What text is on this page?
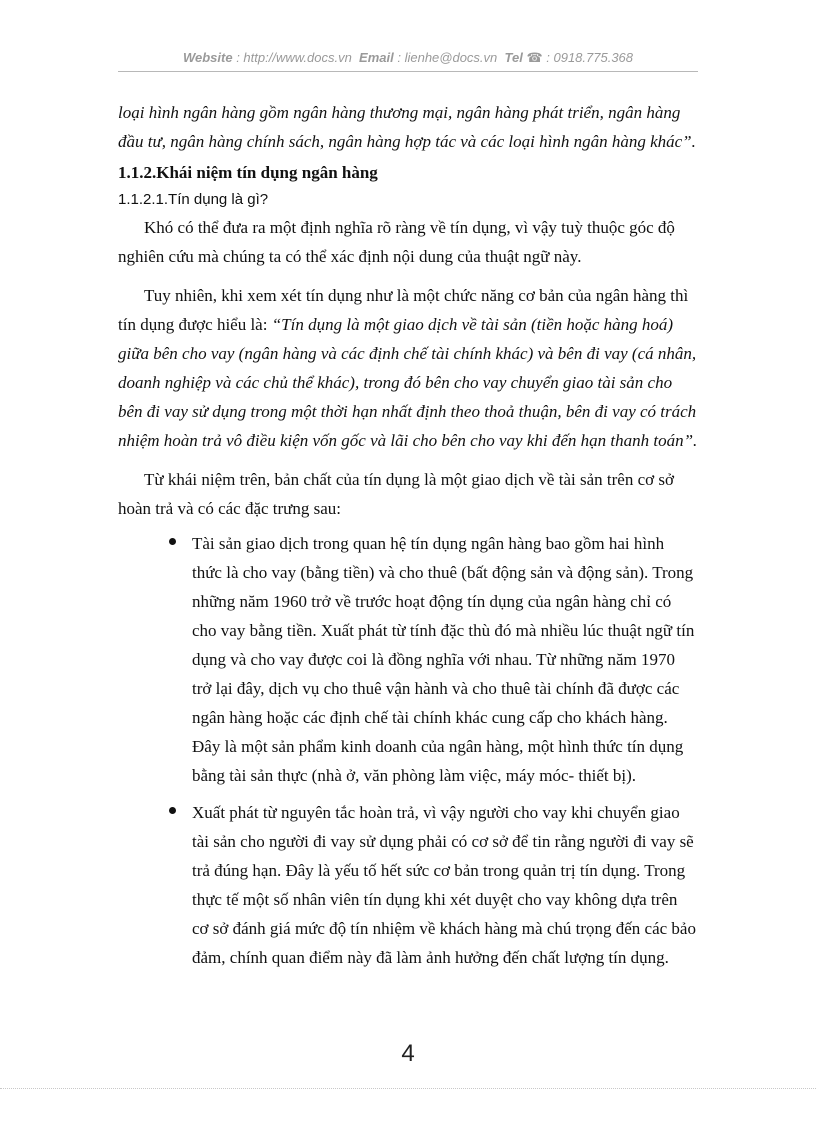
Website : http://www.docs.vn Email : lienhe@docs.vn Tel ☎ : 0918.775.368

loại hình ngân hàng gồm ngân hàng thương mại, ngân hàng phát triển, ngân hàng đầu tư, ngân hàng chính sách, ngân hàng hợp tác và các loại hình ngân hàng khác”.

1.1.2.Khái niệm tín dụng ngân hàng

1.1.2.1.Tín dụng là gì?

Khó có thể đưa ra một định nghĩa rõ ràng về tín dụng, vì vậy tuỳ thuộc góc độ nghiên cứu mà chúng ta có thể xác định nội dung của thuật ngữ này.

Tuy nhiên, khi xem xét tín dụng như là một chức năng cơ bản của ngân hàng thì tín dụng được hiểu là: “Tín dụng là một giao dịch về tài sản (tiền hoặc hàng hoá) giữa bên cho vay (ngân hàng và các định chế tài chính khác) và bên đi vay (cá nhân, doanh nghiệp và các chủ thể khác), trong đó bên cho vay chuyển giao tài sản cho bên đi vay sử dụng trong một thời hạn nhất định theo thoả thuận, bên đi vay có trách nhiệm hoàn trả vô điều kiện vốn gốc và lãi cho bên cho vay khi đến hạn thanh toán”.

Từ khái niệm trên, bản chất của tín dụng là một giao dịch về tài sản trên cơ sở hoàn trả và có các đặc trưng sau:

Tài sản giao dịch trong quan hệ tín dụng ngân hàng bao gồm hai hình thức là cho vay (bằng tiền) và cho thuê (bất động sản và động sản). Trong những năm 1960 trở về trước hoạt động tín dụng của ngân hàng chỉ có cho vay bằng tiền. Xuất phát từ tính đặc thù đó mà nhiều lúc thuật ngữ tín dụng và cho vay được coi là đồng nghĩa với nhau. Từ những năm 1970 trở lại đây, dịch vụ cho thuê vận hành và cho thuê tài chính đã được các ngân hàng hoặc các định chế tài chính khác cung cấp cho khách hàng. Đây là một sản phẩm kinh doanh của ngân hàng, một hình thức tín dụng bằng tài sản thực (nhà ở, văn phòng làm việc, máy móc- thiết bị).
Xuất phát từ nguyên tắc hoàn trả, vì vậy người cho vay khi chuyển giao tài sản cho người đi vay sử dụng phải có cơ sở để tin rằng người đi vay sẽ trả đúng hạn. Đây là yếu tố hết sức cơ bản trong quản trị tín dụng. Trong thực tế một số nhân viên tín dụng khi xét duyệt cho vay không dựa trên cơ sở đánh giá mức độ tín nhiệm về khách hàng mà chú trọng đến các bảo đảm, chính quan điểm này đã làm ảnh hưởng đến chất lượng tín dụng.
4
